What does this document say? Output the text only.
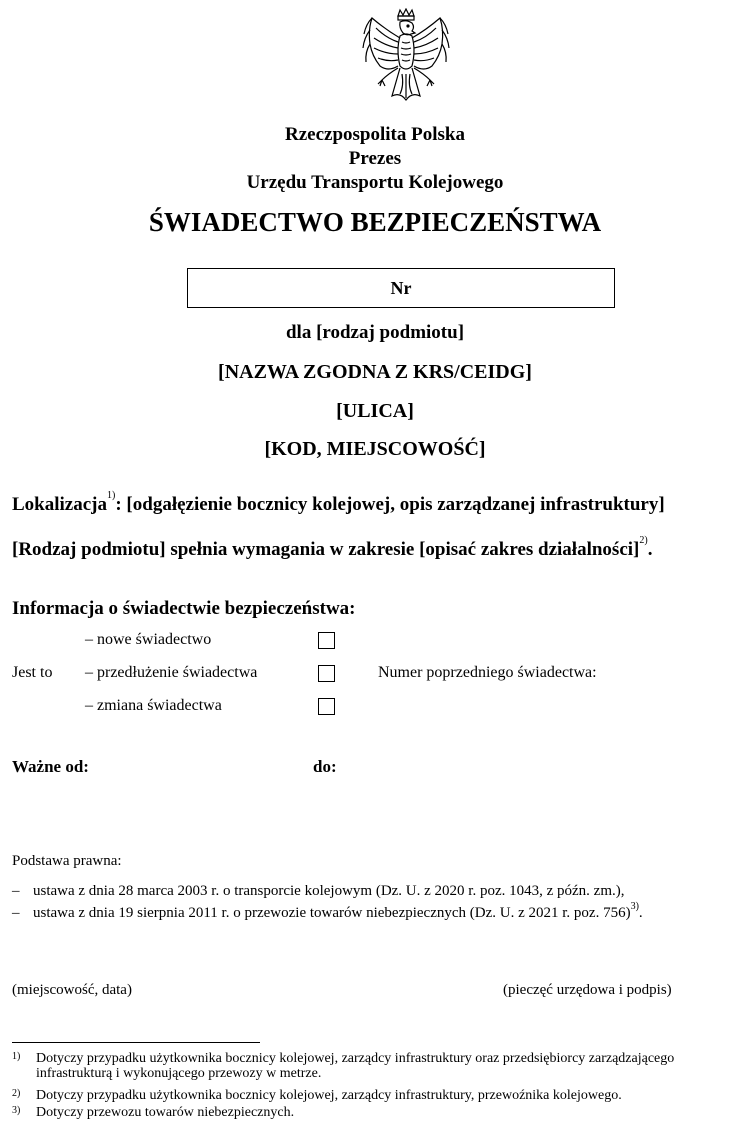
Rzeczpospolita Polska
Prezes
Urzędu Transportu Kolejowego
ŚWIADECTWO BEZPIECZEŃSTWA
Nr
dla [rodzaj podmiotu]
[NAZWA ZGODNA Z KRS/CEIDG]
[ULICA]
[KOD, MIEJSCOWOŚĆ]
Lokalizacja$^{1)}$: [odgałęzienie bocznicy kolejowej, opis zarządzanej infrastruktury]
[Rodzaj podmiotu] spełnia wymagania w zakresie [opisać zakres działalności]$^{2)}$.
Informacja o świadectwie bezpieczeństwa:
Jest to
– nowe świadectwo
– przedłużenie świadectwa
– zmiana świadectwa
Numer poprzedniego świadectwa:
Ważne od:	do:
Podstawa prawna:
– ustawa z dnia 28 marca 2003 r. o transporcie kolejowym (Dz. U. z 2020 r. poz. 1043, z późn. zm.),
– ustawa z dnia 19 sierpnia 2011 r. o przewozie towarów niebezpiecznych (Dz. U. z 2021 r. poz. 756)$^{3)}$.
(miejscowość, data)	(pieczęć urzędowa i podpis)
1) Dotyczy przypadku użytkownika bocznicy kolejowej, zarządcy infrastruktury oraz przedsiębiorcy zarządzającego infrastrukturą i wykonującego przewozy w metrze.
2) Dotyczy przypadku użytkownika bocznicy kolejowej, zarządcy infrastruktury, przewoźnika kolejowego.
3) Dotyczy przewozu towarów niebezpiecznych.
